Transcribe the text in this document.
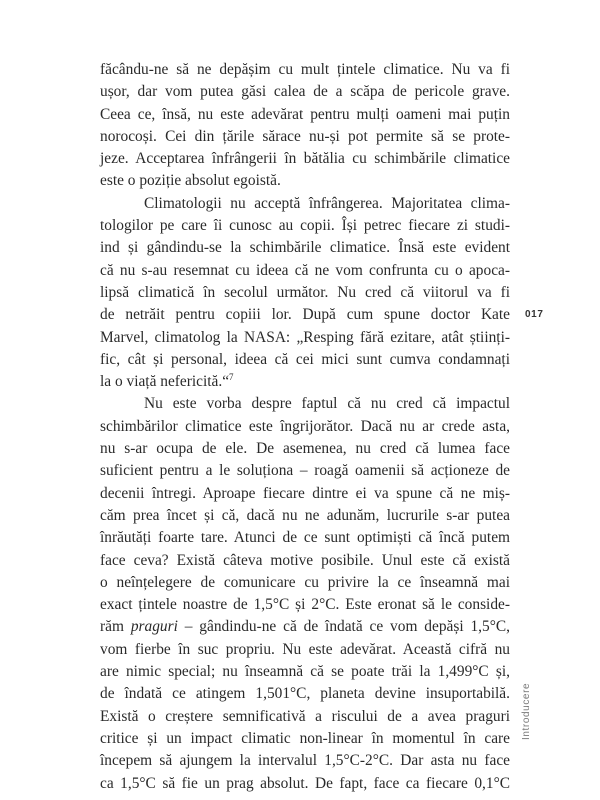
făcându-ne să ne depășim cu mult țintele climatice. Nu va fi
ușor, dar vom putea găsi calea de a scăpa de pericole grave.
Ceea ce, însă, nu este adevărat pentru mulți oameni mai puțin
norocoși. Cei din țările sărace nu-și pot permite să se prote-
jeze. Acceptarea înfrângerii în bătălia cu schimbările climatice
este o poziție absolut egoistă.

Climatologii nu acceptă înfrângerea. Majoritatea clima-
tologilor pe care îi cunosc au copii. Își petrec fiecare zi studi-
ind și gândindu-se la schimbările climatice. Însă este evident
că nu s-au resemnat cu ideea că ne vom confrunta cu o apoca-
lipsă climatică în secolul următor. Nu cred că viitorul va fi
de netrăit pentru copiii lor. După cum spune doctor Kate
Marvel, climatolog la NASA: „Resping fără ezitare, atât științi-
fic, cât și personal, ideea că cei mici sunt cumva condamnați
la o viață nefericită.“$^7$

Nu este vorba despre faptul că nu cred că impactul
schimbărilor climatice este îngrijorător. Dacă nu ar crede asta,
nu s-ar ocupa de ele. De asemenea, nu cred că lumea face
suficient pentru a le soluționa – roagă oamenii să acționeze de
decenii întregi. Aproape fiecare dintre ei va spune că ne miș-
căm prea încet și că, dacă nu ne adunăm, lucrurile s-ar putea
înrăutăți foarte tare. Atunci de ce sunt optimiști că încă putem
face ceva? Există câteva motive posibile. Unul este că există
o neînțelegere de comunicare cu privire la ce înseamnă mai
exact țintele noastre de 1,5°C și 2°C. Este eronat să le conside-
răm praguri – gândindu-ne că de îndată ce vom depăși 1,5°C,
vom fierbe în suc propriu. Nu este adevărat. Această cifră nu
are nimic special; nu înseamnă că se poate trăi la 1,499°C și,
de îndată ce atingem 1,501°C, planeta devine insuportabilă.
Există o creștere semnificativă a riscului de a avea praguri
critice și un impact climatic non-linear în momentul în care
începem să ajungem la intervalul 1,5°C-2°C. Dar asta nu face
ca 1,5°C să fie un prag absolut. De fapt, face ca fiecare 0,1°C

017
Introducere
